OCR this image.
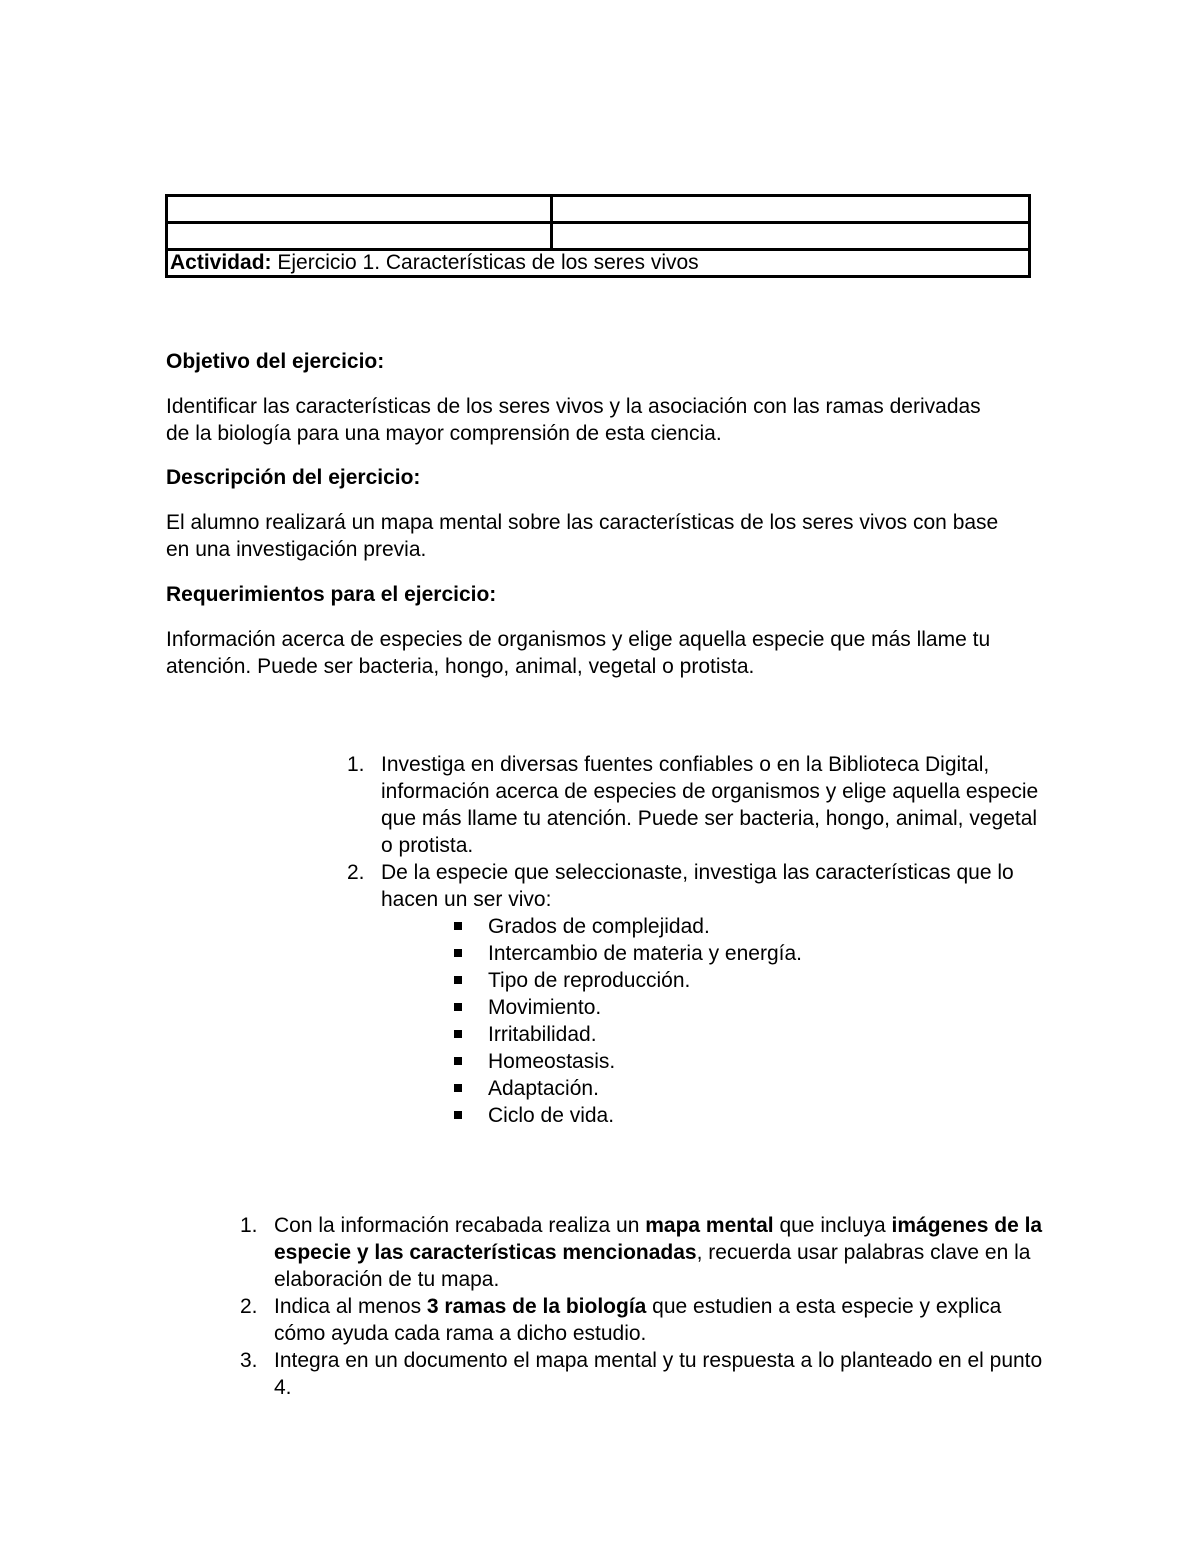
Actividad: Ejercicio 1. Características de los seres vivos	

Objetivo del ejercicio:

Identificar las características de los seres vivos y la asociación con las ramas derivadas de la biología para una mayor comprensión de esta ciencia.

Descripción del ejercicio:

El alumno realizará un mapa mental sobre las características de los seres vivos con base en una investigación previa.

Requerimientos para el ejercicio:

Información acerca de especies de organismos y elige aquella especie que más llame tu atención. Puede ser bacteria, hongo, animal, vegetal o protista.

1. Investiga en diversas fuentes confiables o en la Biblioteca Digital, información acerca de especies de organismos y elige aquella especie que más llame tu atención. Puede ser bacteria, hongo, animal, vegetal o protista.
2. De la especie que seleccionaste, investiga las características que lo hacen un ser vivo:
Grados de complejidad.
Intercambio de materia y energía.
Tipo de reproducción.
Movimiento.
Irritabilidad.
Homeostasis.
Adaptación.
Ciclo de vida.
1. Con la información recabada realiza un mapa mental que incluya imágenes de la especie y las características mencionadas, recuerda usar palabras clave en la elaboración de tu mapa.
2. Indica al menos 3 ramas de la biología que estudien a esta especie y explica cómo ayuda cada rama a dicho estudio.
3. Integra en un documento el mapa mental y tu respuesta a lo planteado en el punto 4.
